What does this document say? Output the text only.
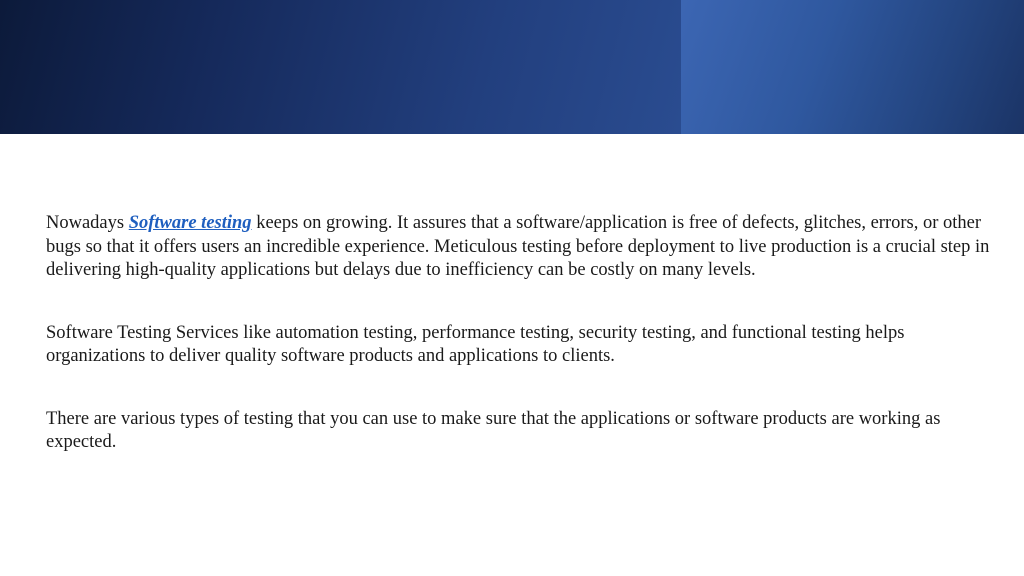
Nowadays Software testing keeps on growing. It assures that a software/application is free of defects, glitches, errors, or other bugs so that it offers users an incredible experience. Meticulous testing before deployment to live production is a crucial step in delivering high-quality applications but delays due to inefficiency can be costly on many levels.

Software Testing Services like automation testing, performance testing, security testing, and functional testing helps organizations to deliver quality software products and applications to clients.

There are various types of testing that you can use to make sure that the applications or software products are working as expected.
